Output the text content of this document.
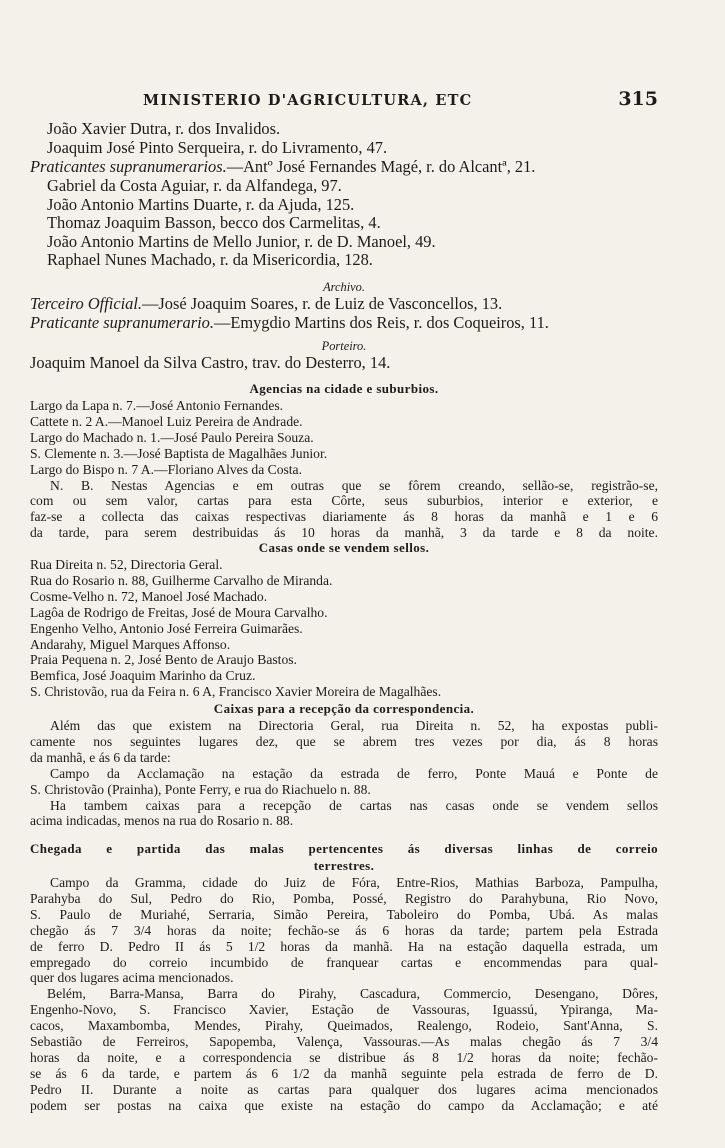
MINISTERIO D'AGRICULTURA, ETC	315
João Xavier Dutra, r. dos Invalidos.
Joaquim José Pinto Serqueira, r. do Livramento, 47.
Praticantes supranumerarios.—Antº José Fernandes Magé, r. do Alcantª, 21.
Gabriel da Costa Aguiar, r. da Alfandega, 97.
João Antonio Martins Duarte, r. da Ajuda, 125.
Thomaz Joaquim Basson, becco dos Carmelitas, 4.
João Antonio Martins de Mello Junior, r. de D. Manoel, 49.
Raphael Nunes Machado, r. da Misericordia, 128.
Archivo.
Terceiro Official.—José Joaquim Soares, r. de Luiz de Vasconcellos, 13.
Praticante supranumerario.—Emygdio Martins dos Reis, r. dos Coqueiros, 11.
Porteiro.
Joaquim Manoel da Silva Castro, trav. do Desterro, 14.
Agencias na cidade e suburbios.
Largo da Lapa n. 7.—José Antonio Fernandes.
Cattete n. 2 A.—Manoel Luiz Pereira de Andrade.
Largo do Machado n. 1.—José Paulo Pereira Souza.
S. Clemente n. 3.—José Baptista de Magalhães Junior.
Largo do Bispo n. 7 A.—Floriano Alves da Costa.
N. B. Nestas Agencias e em outras que se fôrem creando, sellão-se, registrão-se,
com ou sem valor, cartas para esta Côrte, seus suburbios, interior e exterior, e
faz-se a collecta das caixas respectivas diariamente ás 8 horas da manhã e 1 e 6
da tarde, para serem destribuidas ás 10 horas da manhã, 3 da tarde e 8 da noite.
Casas onde se vendem sellos.
Rua Direita n. 52, Directoria Geral.
Rua do Rosario n. 88, Guilherme Carvalho de Miranda.
Cosme-Velho n. 72, Manoel José Machado.
Lagôa de Rodrigo de Freitas, José de Moura Carvalho.
Engenho Velho, Antonio José Ferreira Guimarães.
Andarahy, Miguel Marques Affonso.
Praia Pequena n. 2, José Bento de Araujo Bastos.
Bemfica, José Joaquim Marinho da Cruz.
S. Christovão, rua da Feira n. 6 A, Francisco Xavier Moreira de Magalhães.
Caixas para a recepção da correspondencia.
Além das que existem na Directoria Geral, rua Direita n. 52, ha expostas publi-
camente nos seguintes lugares dez, que se abrem tres vezes por dia, ás 8 horas
da manhã, e ás 6 da tarde:
Campo da Acclamação na estação da estrada de ferro, Ponte Mauá e Ponte de
S. Christovão (Prainha), Ponte Ferry, e rua do Riachuelo n. 88.
Ha tambem caixas para a recepção de cartas nas casas onde se vendem sellos
acima indicadas, menos na rua do Rosario n. 88.
Chegada e partida das malas pertencentes ás diversas linhas de correio
terrestres.
Campo da Gramma, cidade do Juiz de Fóra, Entre-Rios, Mathias Barboza, Pampulha,
Parahyba do Sul, Pedro do Rio, Pomba, Possé, Registro do Parahybuna, Rio Novo,
S. Paulo de Muriahé, Serraria, Simão Pereira, Taboleiro do Pomba, Ubá. As malas
chegão ás 7 3/4 horas da noite; fechão-se ás 6 horas da tarde; partem pela Estrada
de ferro D. Pedro II ás 5 1/2 horas da manhã. Ha na estação daquella estrada, um
empregado do correio incumbido de franquear cartas e encommendas para qual-
quer dos lugares acima mencionados.
Belém, Barra-Mansa, Barra do Pirahy, Cascadura, Commercio, Desengano, Dôres,
Engenho-Novo, S. Francisco Xavier, Estação de Vassouras, Iguassú, Ypiranga, Ma-
cacos, Maxambomba, Mendes, Pirahy, Queimados, Realengo, Rodeio, Sant'Anna, S.
Sebastião de Ferreiros, Sapopemba, Valença, Vassouras.—As malas chegão ás 7 3/4
horas da noite, e a correspondencia se distribue ás 8 1/2 horas da noite; fechão-
se ás 6 da tarde, e partem ás 6 1/2 da manhã seguinte pela estrada de ferro de D.
Pedro II. Durante a noite as cartas para qualquer dos lugares acima mencionados
podem ser postas na caixa que existe na estação do campo da Acclamação; e até
